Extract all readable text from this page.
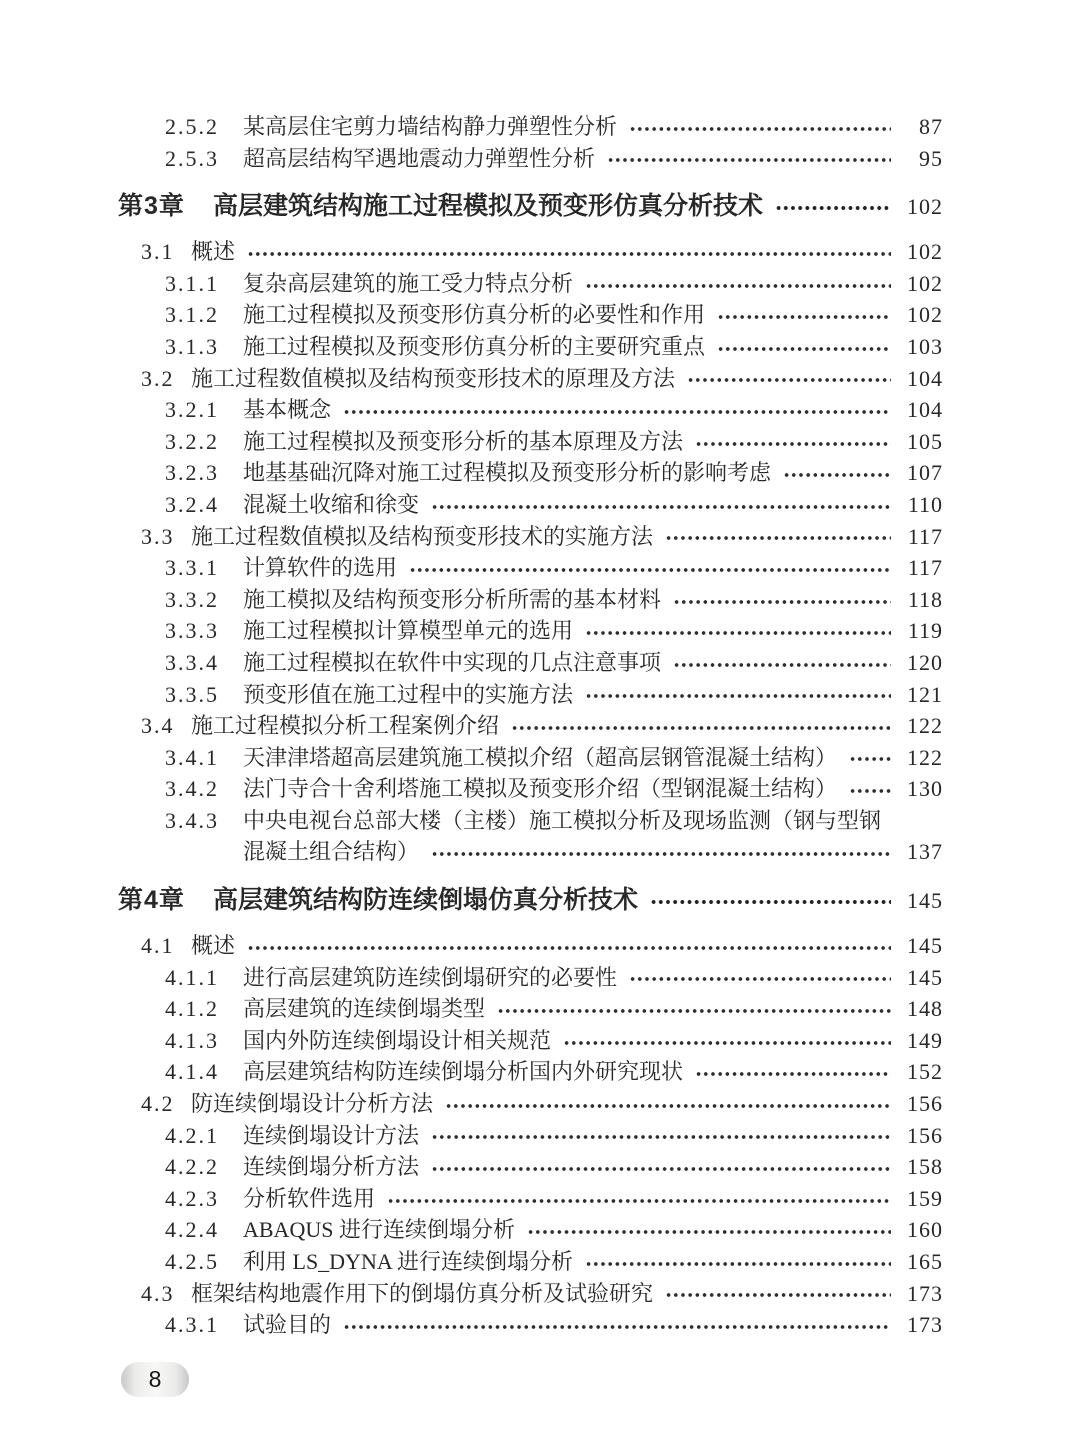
2.5.2	某高层住宅剪力墙结构静力弹塑性分析	87
2.5.3	超高层结构罕遇地震动力弹塑性分析	95
第3章	高层建筑结构施工过程模拟及预变形仿真分析技术	102
3.1 概述	102
3.1.1	复杂高层建筑的施工受力特点分析	102
3.1.2	施工过程模拟及预变形仿真分析的必要性和作用	102
3.1.3	施工过程模拟及预变形仿真分析的主要研究重点	103
3.2 施工过程数值模拟及结构预变形技术的原理及方法	104
3.2.1	基本概念	104
3.2.2	施工过程模拟及预变形分析的基本原理及方法	105
3.2.3	地基基础沉降对施工过程模拟及预变形分析的影响考虑	107
3.2.4	混凝土收缩和徐变	110
3.3 施工过程数值模拟及结构预变形技术的实施方法	117
3.3.1	计算软件的选用	117
3.3.2	施工模拟及结构预变形分析所需的基本材料	118
3.3.3	施工过程模拟计算模型单元的选用	119
3.3.4	施工过程模拟在软件中实现的几点注意事项	120
3.3.5	预变形值在施工过程中的实施方法	121
3.4 施工过程模拟分析工程案例介绍	122
3.4.1	天津津塔超高层建筑施工模拟介绍（超高层钢管混凝土结构）	122
3.4.2	法门寺合十舍利塔施工模拟及预变形介绍（型钢混凝土结构）	130
3.4.3	中央电视台总部大楼（主楼）施工模拟分析及现场监测（钢与型钢
混凝土组合结构）	137
第4章	高层建筑结构防连续倒塌仿真分析技术	145
4.1 概述	145
4.1.1	进行高层建筑防连续倒塌研究的必要性	145
4.1.2	高层建筑的连续倒塌类型	148
4.1.3	国内外防连续倒塌设计相关规范	149
4.1.4	高层建筑结构防连续倒塌分析国内外研究现状	152
4.2 防连续倒塌设计分析方法	156
4.2.1	连续倒塌设计方法	156
4.2.2	连续倒塌分析方法	158
4.2.3	分析软件选用	159
4.2.4	ABAQUS 进行连续倒塌分析	160
4.2.5	利用 LS_DYNA 进行连续倒塌分析	165
4.3 框架结构地震作用下的倒塌仿真分析及试验研究	173
4.3.1	试验目的	173
8
